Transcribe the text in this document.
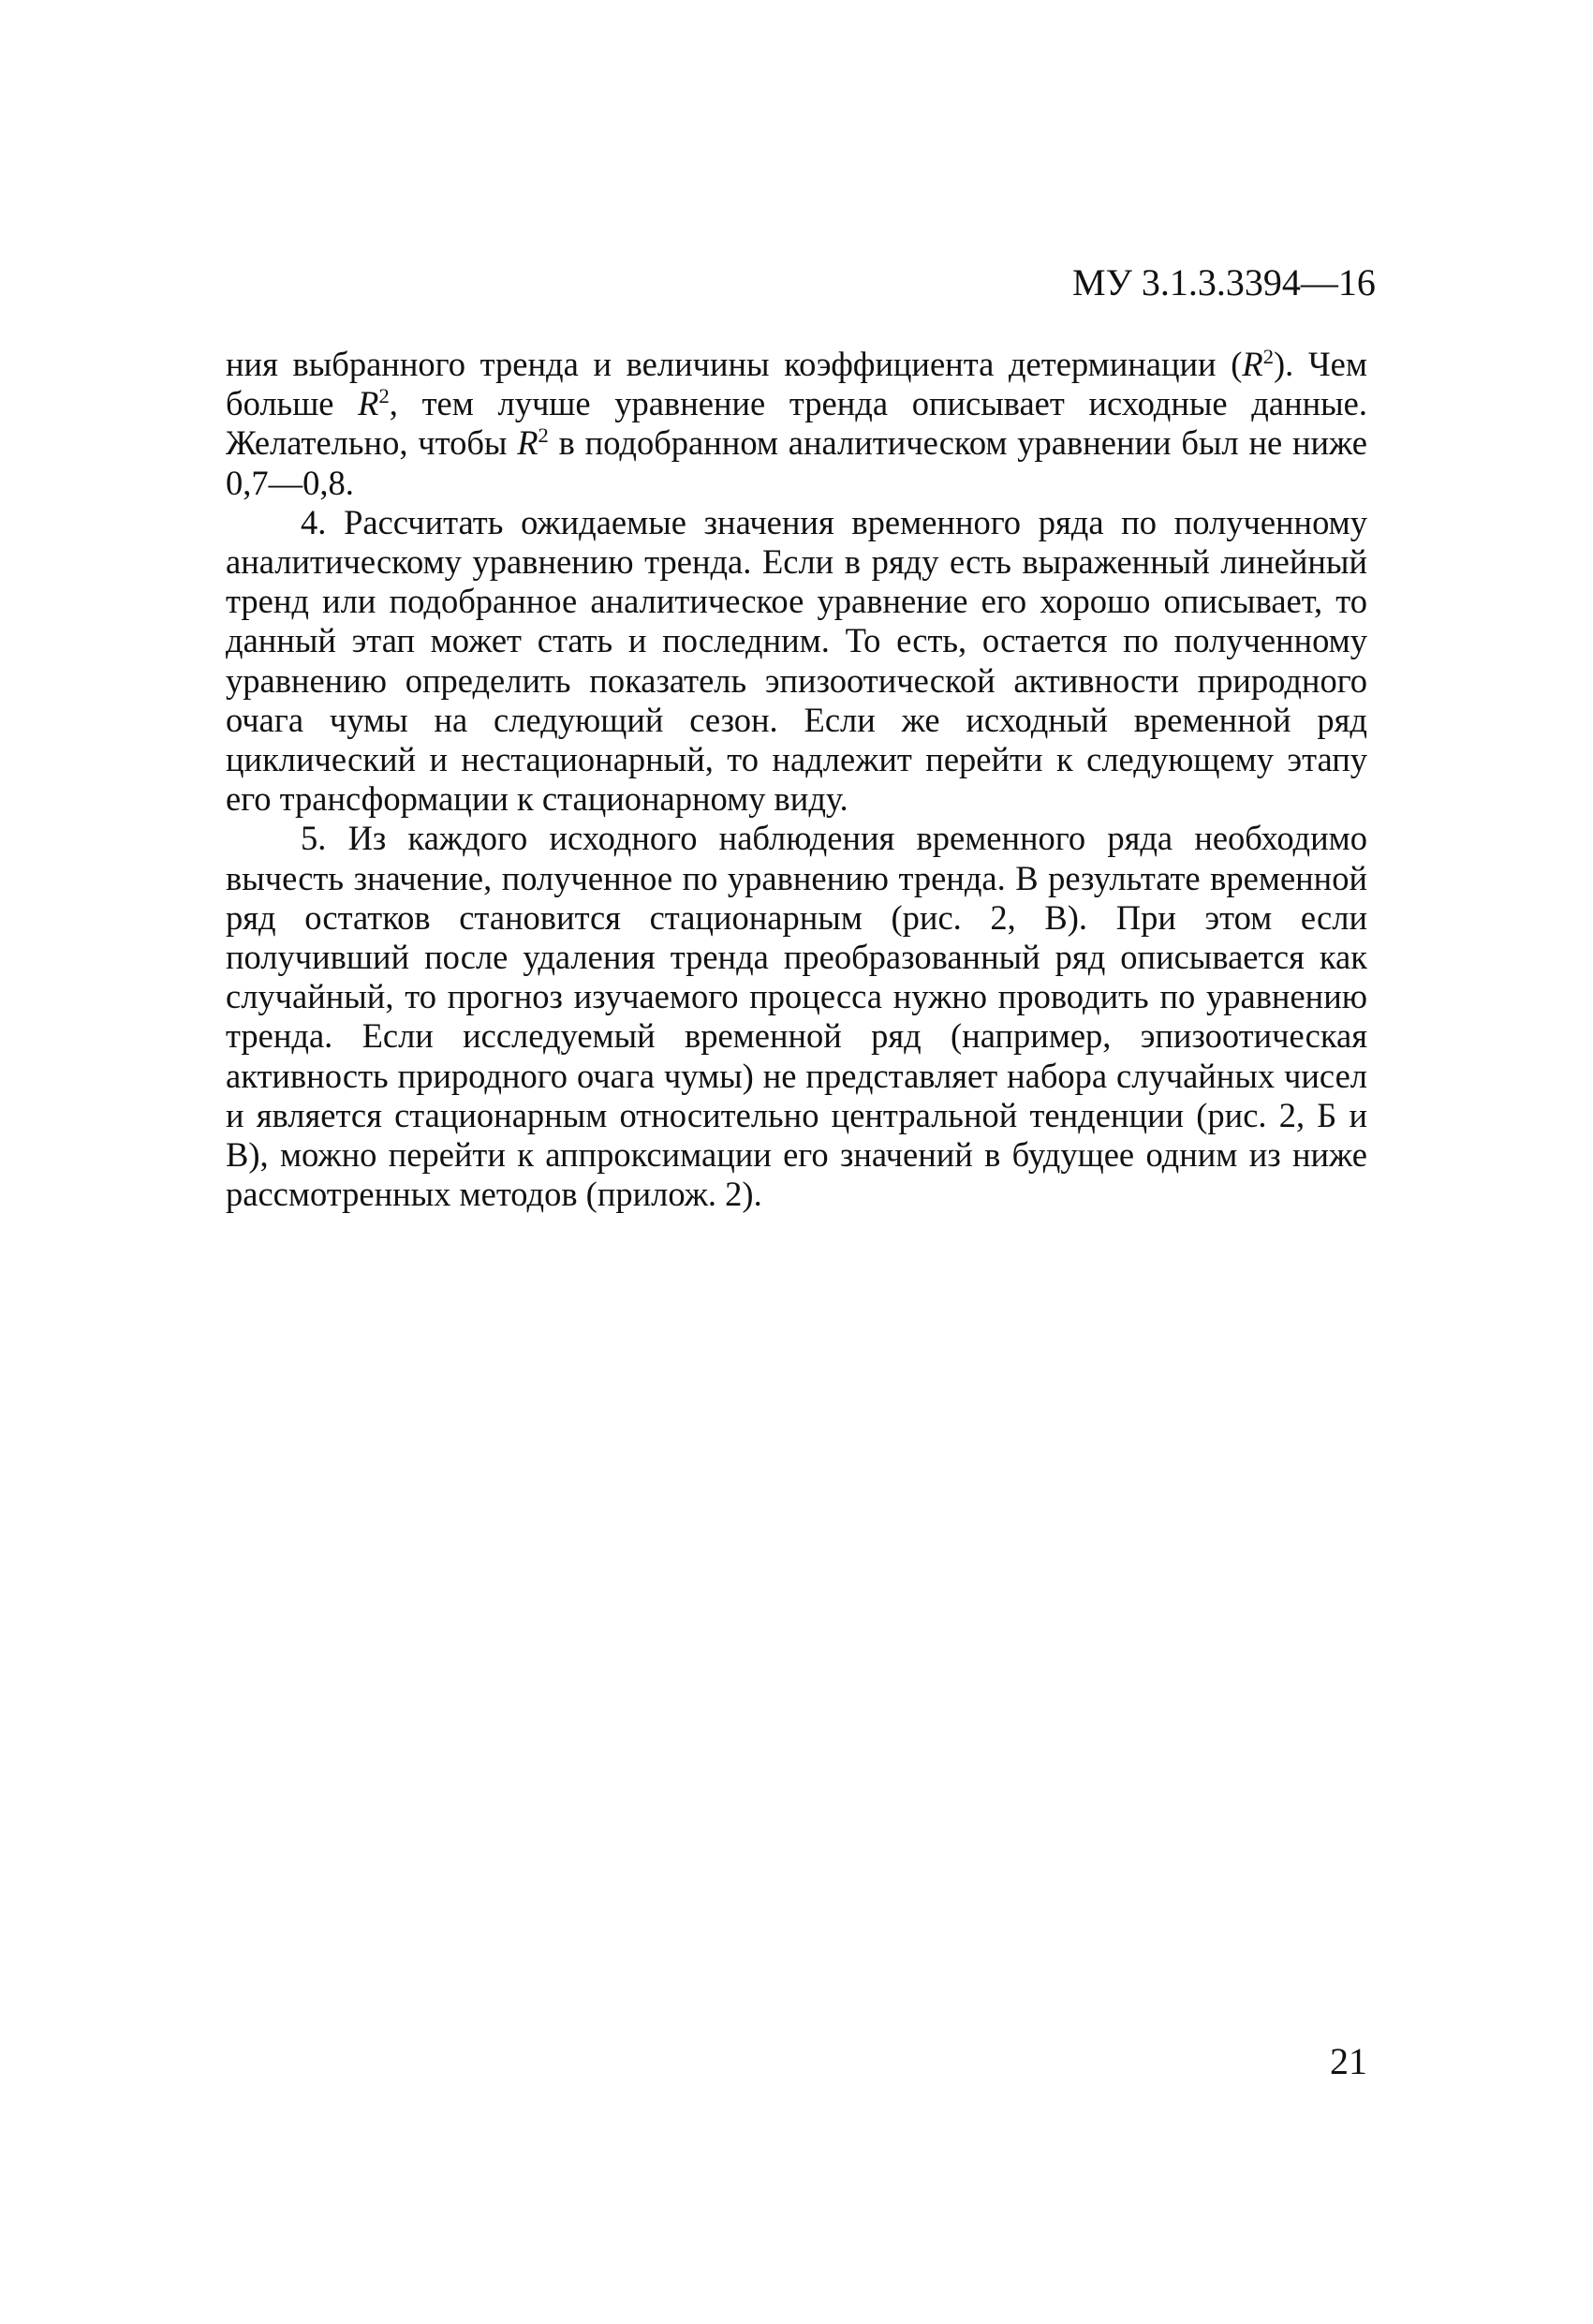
МУ 3.1.3.3394—16

ния выбранного тренда и величины коэффициента детерминации $(R^2)$. Чем больше $R^2$, тем лучше уравнение тренда описывает исходные данные. Желательно, чтобы $R^2$ в подобранном аналитическом уравнении был не ниже 0,7—0,8.

4. Рассчитать ожидаемые значения временного ряда по полученному аналитическому уравнению тренда. Если в ряду есть выраженный линейный тренд или подобранное аналитическое уравнение его хорошо описывает, то данный этап может стать и последним. То есть, остается по полученному уравнению определить показатель эпизоотической активности природного очага чумы на следующий сезон. Если же исходный временной ряд циклический и нестационарный, то надлежит перейти к следующему этапу его трансформации к стационарному виду.

5. Из каждого исходного наблюдения временного ряда необходимо вычесть значение, полученное по уравнению тренда. В результате временной ряд остатков становится стационарным (рис. 2, В). При этом если получивший после удаления тренда преобразованный ряд описывается как случайный, то прогноз изучаемого процесса нужно проводить по уравнению тренда. Если исследуемый временной ряд (например, эпизоотическая активность природного очага чумы) не представляет набора случайных чисел и является стационарным относительно центральной тенденции (рис. 2, Б и В), можно перейти к аппроксимации его значений в будущее одним из ниже рассмотренных методов (прилож. 2).

21
